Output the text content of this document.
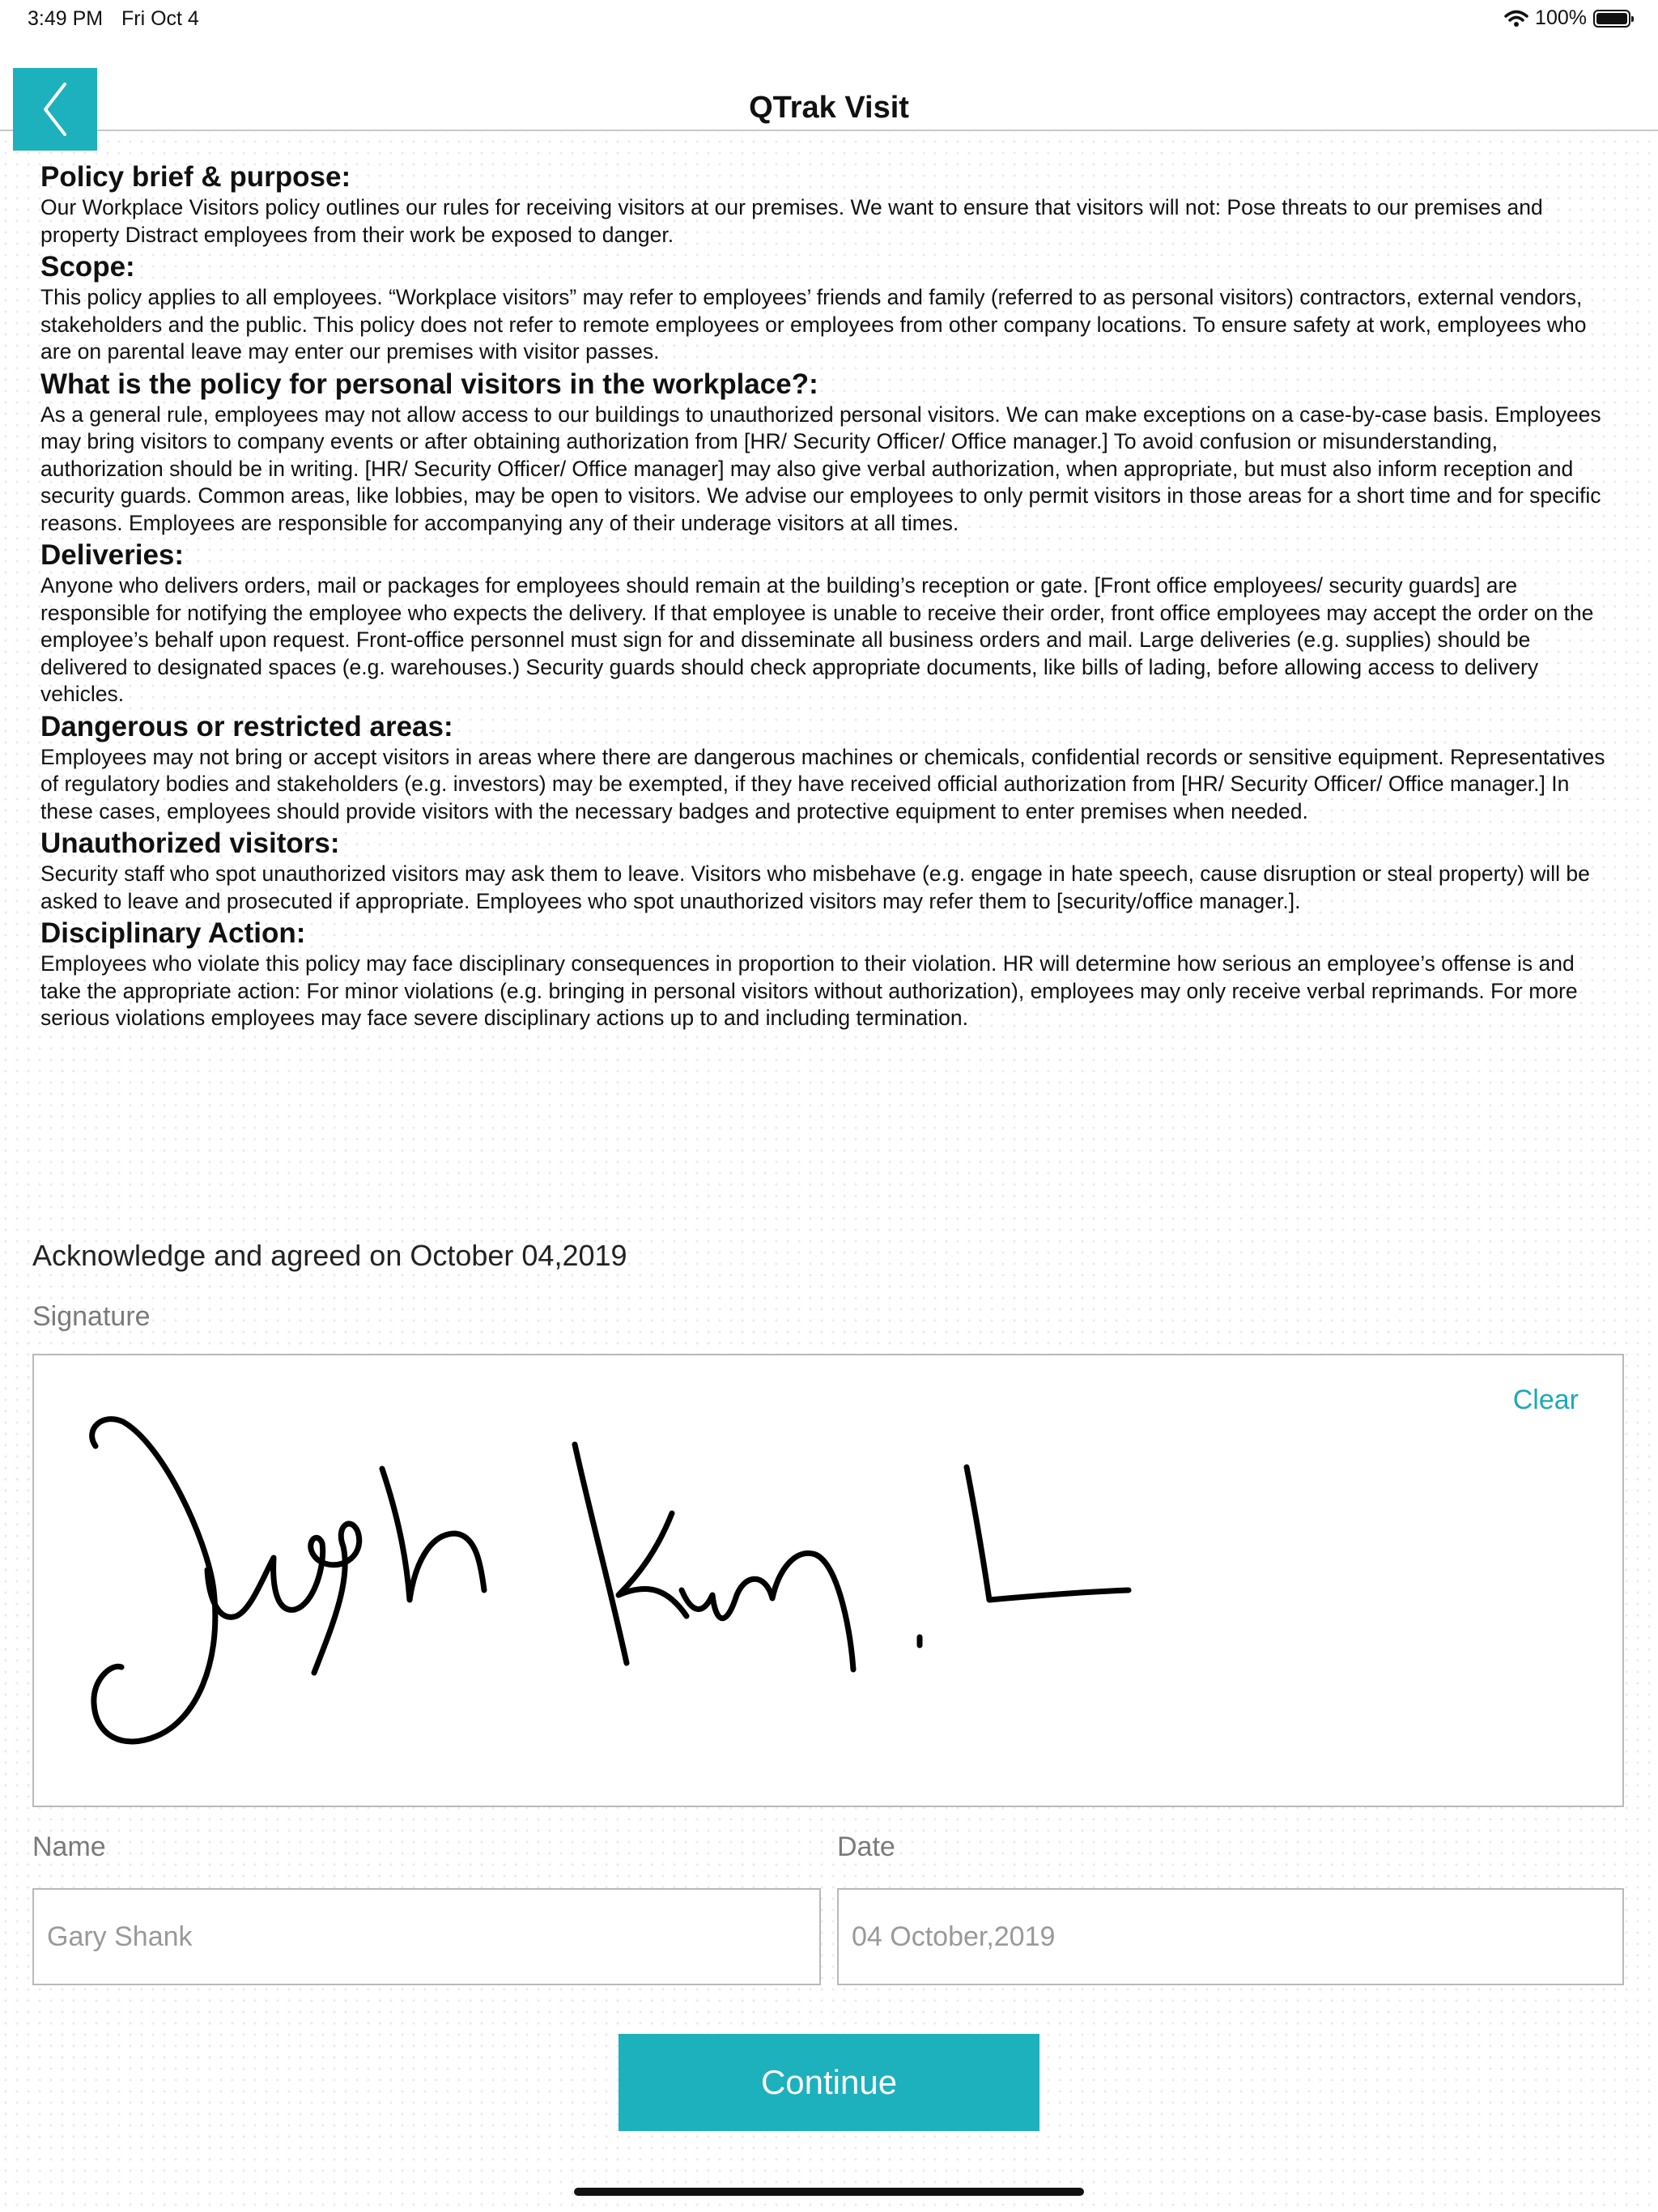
3:49 PM Fri Oct 4	100%
QTrak Visit
Policy brief & purpose:

Our Workplace Visitors policy outlines our rules for receiving visitors at our premises. We want to ensure that visitors will not: Pose threats to our premises and property Distract employees from their work be exposed to danger.

Scope:

This policy applies to all employees. “Workplace visitors” may refer to employees’ friends and family (referred to as personal visitors) contractors, external vendors, stakeholders and the public. This policy does not refer to remote employees or employees from other company locations. To ensure safety at work, employees who are on parental leave may enter our premises with visitor passes.

What is the policy for personal visitors in the workplace?:

As a general rule, employees may not allow access to our buildings to unauthorized personal visitors. We can make exceptions on a case-by-case basis. Employees may bring visitors to company events or after obtaining authorization from [HR/ Security Officer/ Office manager.] To avoid confusion or misunderstanding, authorization should be in writing. [HR/ Security Officer/ Office manager] may also give verbal authorization, when appropriate, but must also inform reception and security guards. Common areas, like lobbies, may be open to visitors. We advise our employees to only permit visitors in those areas for a short time and for specific reasons. Employees are responsible for accompanying any of their underage visitors at all times.

Deliveries:

Anyone who delivers orders, mail or packages for employees should remain at the building’s reception or gate. [Front office employees/ security guards] are responsible for notifying the employee who expects the delivery. If that employee is unable to receive their order, front office employees may accept the order on the employee’s behalf upon request. Front-office personnel must sign for and disseminate all business orders and mail. Large deliveries (e.g. supplies) should be delivered to designated spaces (e.g. warehouses.) Security guards should check appropriate documents, like bills of lading, before allowing access to delivery vehicles.

Dangerous or restricted areas:

Employees may not bring or accept visitors in areas where there are dangerous machines or chemicals, confidential records or sensitive equipment. Representatives of regulatory bodies and stakeholders (e.g. investors) may be exempted, if they have received official authorization from [HR/ Security Officer/ Office manager.] In these cases, employees should provide visitors with the necessary badges and protective equipment to enter premises when needed.

Unauthorized visitors:

Security staff who spot unauthorized visitors may ask them to leave. Visitors who misbehave (e.g. engage in hate speech, cause disruption or steal property) will be asked to leave and prosecuted if appropriate. Employees who spot unauthorized visitors may refer them to [security/office manager.].

Disciplinary Action:

Employees who violate this policy may face disciplinary consequences in proportion to their violation. HR will determine how serious an employee’s offense is and take the appropriate action: For minor violations (e.g. bringing in personal visitors without authorization), employees may only receive verbal reprimands. For more serious violations employees may face severe disciplinary actions up to and including termination.

Acknowledge and agreed on October 04,2019
Signature
Clear
Name	Date
Gary Shank	04 October,2019
Continue
